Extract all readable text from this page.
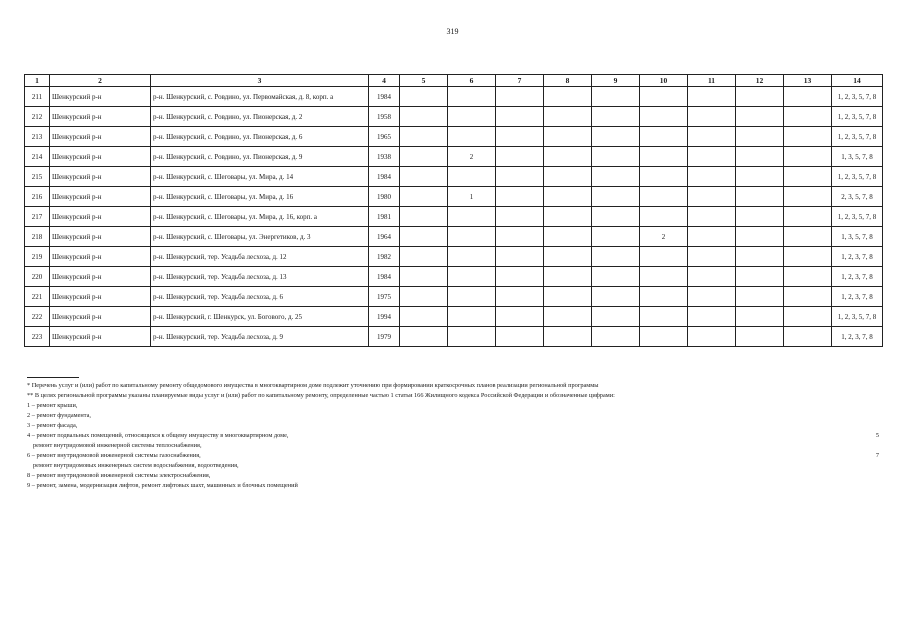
319
1	2	3	4	5	6	7	8	9	10	11	12	13	14
211	Шенкурский р-н	р-н. Шенкурский, с. Ровдино, ул. Первомайская, д. 8, корп. а	1984										1, 2, 3, 5, 7, 8
212	Шенкурский р-н	р-н. Шенкурский, с. Ровдино, ул. Пионерская, д. 2	1958										1, 2, 3, 5, 7, 8
213	Шенкурский р-н	р-н. Шенкурский, с. Ровдино, ул. Пионерская, д. 6	1965										1, 2, 3, 5, 7, 8
214	Шенкурский р-н	р-н. Шенкурский, с. Ровдино, ул. Пионерская, д. 9	1938		2								1, 3, 5, 7, 8
215	Шенкурский р-н	р-н. Шенкурский, с. Шеговары, ул. Мира, д. 14	1984										1, 2, 3, 5, 7, 8
216	Шенкурский р-н	р-н. Шенкурский, с. Шеговары, ул. Мира, д. 16	1980		1								2, 3, 5, 7, 8
217	Шенкурский р-н	р-н. Шенкурский, с. Шеговары, ул. Мира, д. 16, корп. а	1981										1, 2, 3, 5, 7, 8
218	Шенкурский р-н	р-н. Шенкурский, с. Шеговары, ул. Энергетиков, д. 3	1964						2				1, 3, 5, 7, 8
219	Шенкурский р-н	р-н. Шенкурский, тер. Усадьба лесхоза, д. 12	1982										1, 2, 3, 7, 8
220	Шенкурский р-н	р-н. Шенкурский, тер. Усадьба лесхоза, д. 13	1984										1, 2, 3, 7, 8
221	Шенкурский р-н	р-н. Шенкурский, тер. Усадьба лесхоза, д. 6	1975										1, 2, 3, 7, 8
222	Шенкурский р-н	р-н. Шенкурский, г. Шенкурск, ул. Богового, д. 25	1994										1, 2, 3, 5, 7, 8
223	Шенкурский р-н	р-н. Шенкурский, тер. Усадьба лесхоза, д. 9	1979										1, 2, 3, 7, 8
* Перечень услуг и (или) работ по капитальному ремонту общедомового имущества в многоквартирном доме подлежит уточнению при формировании краткосрочных планов реализации региональной программы
** В целях региональной программы указаны планируемые виды услуг и (или) работ по капитальному ремонту, определенные частью 1 статьи 166 Жилищного кодекса Российской Федерации и обозначенные цифрами:
1 – ремонт крыши,
2 – ремонт фундамента,
3 – ремонт фасада,
4 – ремонт подвальных помещений, относящихся к общему имуществу в многоквартирном доме,	5
ремонт внутридомовой инженерной системы теплоснабжения,
6 – ремонт внутридомовой инженерной системы газоснабжения,	7
ремонт внутридомовых инженерных систем водоснабжения, водоотведения,
8 – ремонт внутридомовой инженерной системы электроснабжения,
9 – ремонт, замена, модернизация лифтов, ремонт лифтовых шахт, машинных и блочных помещений
